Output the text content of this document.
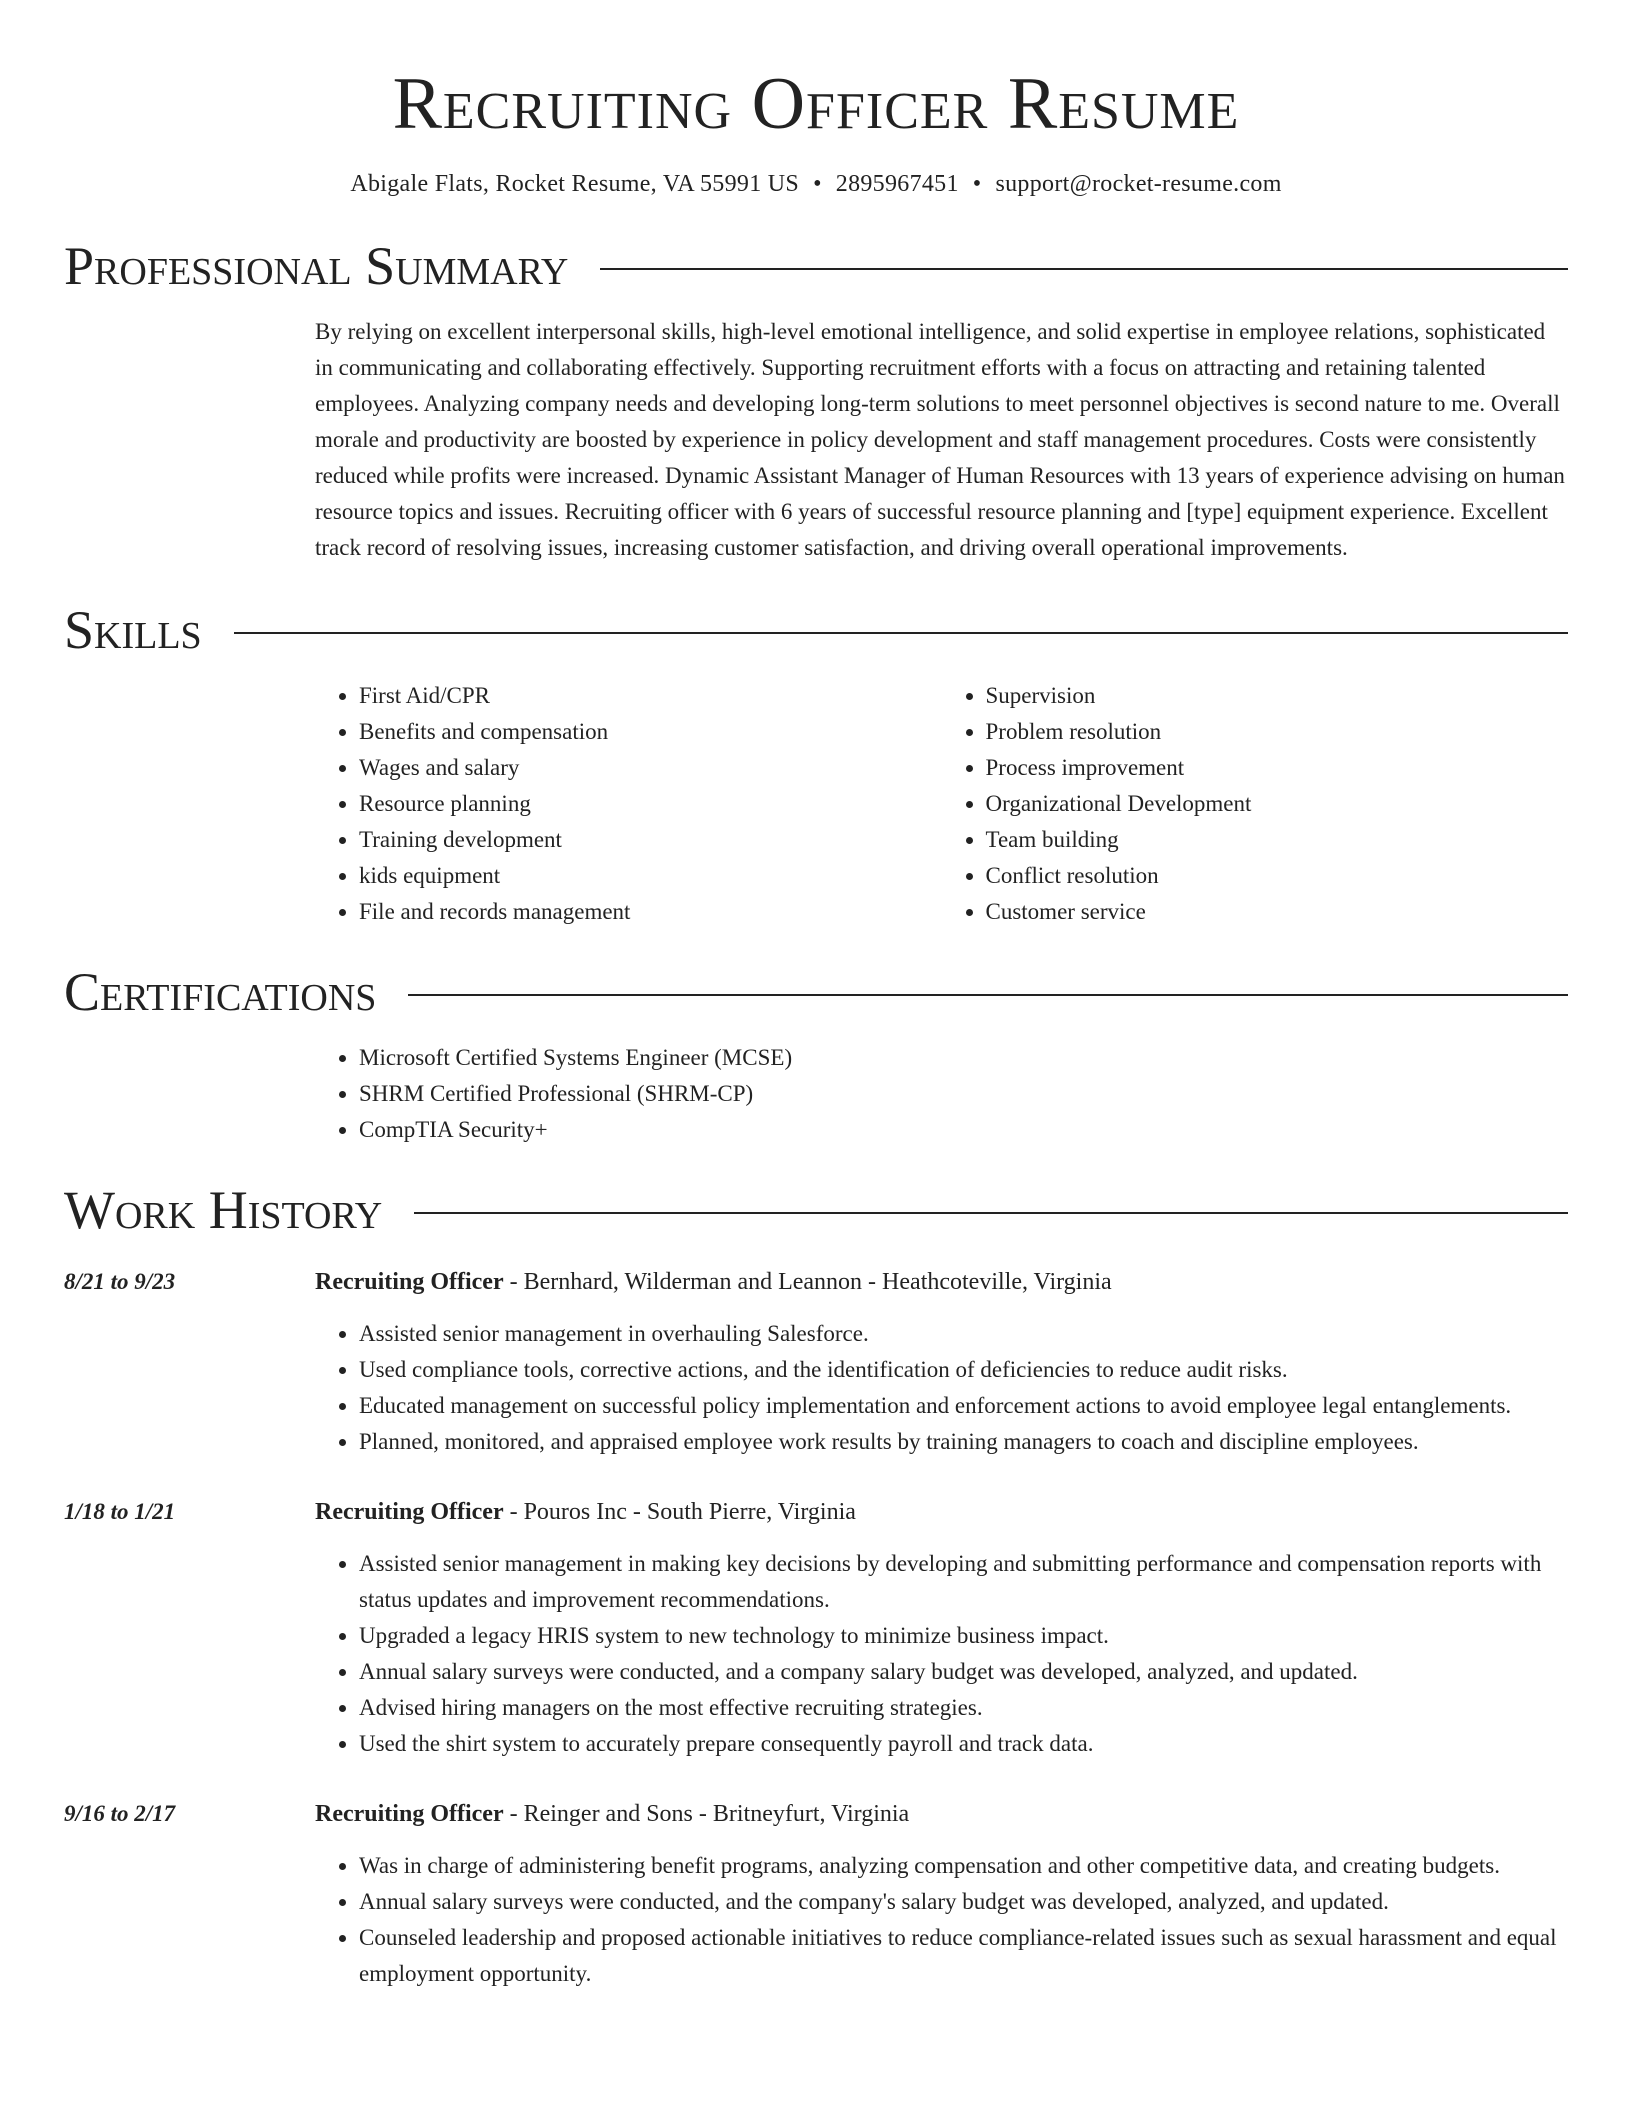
Recruiting Officer Resume
Abigale Flats, Rocket Resume, VA 55991 US • 2895967451 • support@rocket-resume.com
Professional Summary

By relying on excellent interpersonal skills, high-level emotional intelligence, and solid expertise in employee relations, sophisticated in communicating and collaborating effectively. Supporting recruitment efforts with a focus on attracting and retaining talented employees. Analyzing company needs and developing long-term solutions to meet personnel objectives is second nature to me. Overall morale and productivity are boosted by experience in policy development and staff management procedures. Costs were consistently reduced while profits were increased. Dynamic Assistant Manager of Human Resources with 13 years of experience advising on human resource topics and issues. Recruiting officer with 6 years of successful resource planning and [type] equipment experience. Excellent track record of resolving issues, increasing customer satisfaction, and driving overall operational improvements.

Skills
• First Aid/CPR
• Benefits and compensation
• Wages and salary
• Resource planning
• Training development
• kids equipment
• File and records management
• Supervision
• Problem resolution
• Process improvement
• Organizational Development
• Team building
• Conflict resolution
• Customer service
Certifications
• Microsoft Certified Systems Engineer (MCSE)
• SHRM Certified Professional (SHRM-CP)
• CompTIA Security+
Work History
8/21 to 9/23	Recruiting Officer - Bernhard, Wilderman and Leannon - Heathcoteville, Virginia
• Assisted senior management in overhauling Salesforce.
• Used compliance tools, corrective actions, and the identification of deficiencies to reduce audit risks.
• Educated management on successful policy implementation and enforcement actions to avoid employee legal entanglements.
• Planned, monitored, and appraised employee work results by training managers to coach and discipline employees.
1/18 to 1/21	Recruiting Officer - Pouros Inc - South Pierre, Virginia
• Assisted senior management in making key decisions by developing and submitting performance and compensation reports with status updates and improvement recommendations.
• Upgraded a legacy HRIS system to new technology to minimize business impact.
• Annual salary surveys were conducted, and a company salary budget was developed, analyzed, and updated.
• Advised hiring managers on the most effective recruiting strategies.
• Used the shirt system to accurately prepare consequently payroll and track data.
9/16 to 2/17	Recruiting Officer - Reinger and Sons - Britneyfurt, Virginia
• Was in charge of administering benefit programs, analyzing compensation and other competitive data, and creating budgets.
• Annual salary surveys were conducted, and the company's salary budget was developed, analyzed, and updated.
• Counseled leadership and proposed actionable initiatives to reduce compliance-related issues such as sexual harassment and equal employment opportunity.
